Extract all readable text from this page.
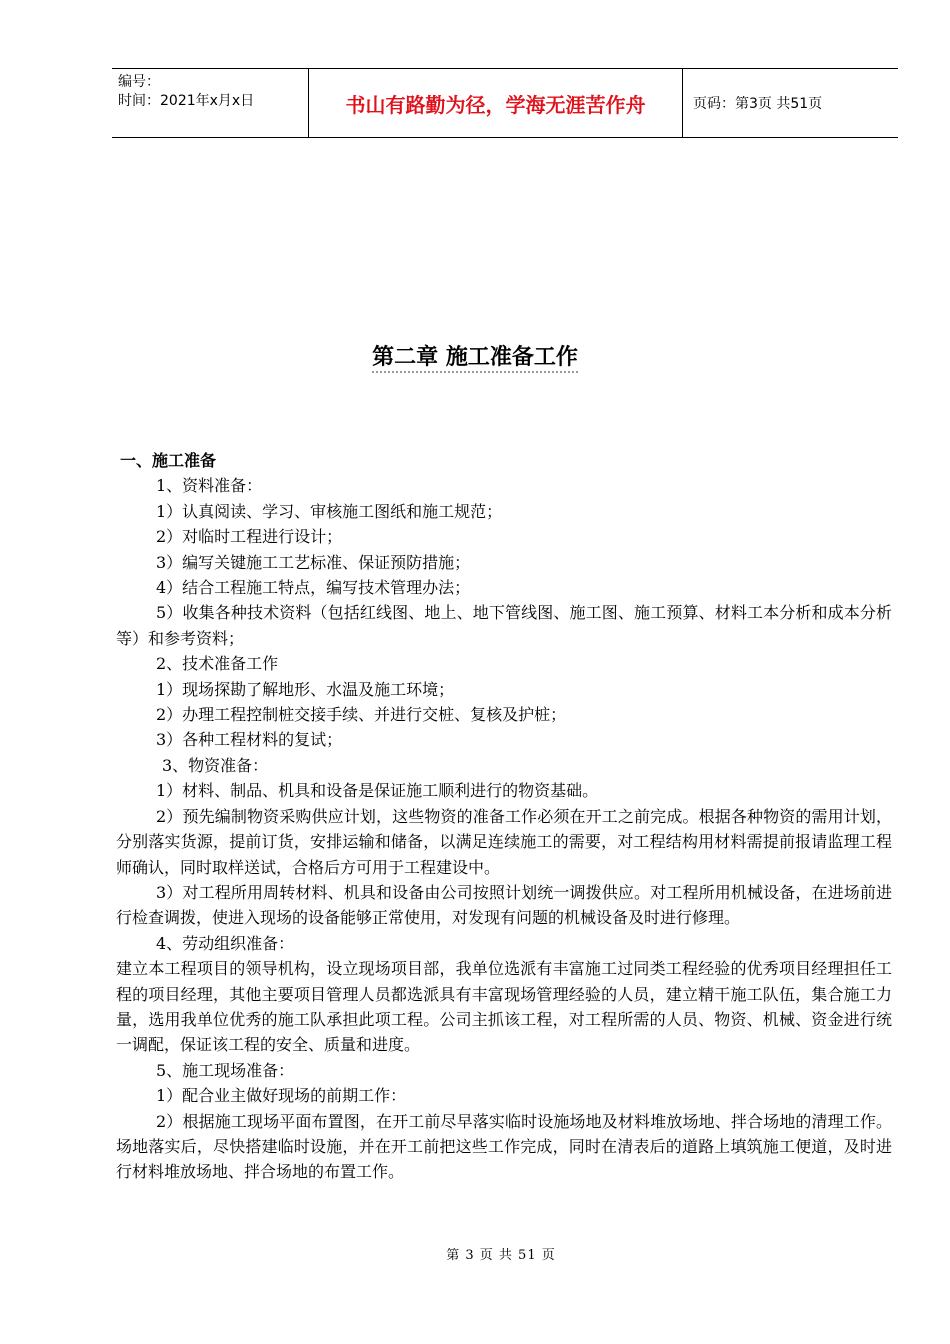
编号：
时间：2021年x月x日	书山有路勤为径，学海无涯苦作舟	页码：第3页 共51页
第二章 施工准备工作

一、施工准备

1、资料准备：

1）认真阅读、学习、审核施工图纸和施工规范；

2）对临时工程进行设计；

3）编写关键施工工艺标准、保证预防措施；

4）结合工程施工特点，编写技术管理办法；

5）收集各种技术资料（包括红线图、地上、地下管线图、施工图、施工预算、材料工本分析和成本分析等）和参考资料；

2、技术准备工作

1）现场探勘了解地形、水温及施工环境；

2）办理工程控制桩交接手续、并进行交桩、复核及护桩；

3）各种工程材料的复试；

3、物资准备：

1）材料、制品、机具和设备是保证施工顺利进行的物资基础。

2）预先编制物资采购供应计划，这些物资的准备工作必须在开工之前完成。根据各种物资的需用计划，分别落实货源，提前订货，安排运输和储备，以满足连续施工的需要，对工程结构用材料需提前报请监理工程师确认，同时取样送试，合格后方可用于工程建设中。

3）对工程所用周转材料、机具和设备由公司按照计划统一调拨供应。对工程所用机械设备，在进场前进行检查调拨，使进入现场的设备能够正常使用，对发现有问题的机械设备及时进行修理。

4、劳动组织准备：

建立本工程项目的领导机构，设立现场项目部，我单位选派有丰富施工过同类工程经验的优秀项目经理担任工程的项目经理，其他主要项目管理人员都选派具有丰富现场管理经验的人员，建立精干施工队伍，集合施工力量，选用我单位优秀的施工队承担此项工程。公司主抓该工程，对工程所需的人员、物资、机械、资金进行统一调配，保证该工程的安全、质量和进度。

5、施工现场准备：

1）配合业主做好现场的前期工作：

2）根据施工现场平面布置图，在开工前尽早落实临时设施场地及材料堆放场地、拌合场地的清理工作。场地落实后，尽快搭建临时设施，并在开工前把这些工作完成，同时在清表后的道路上填筑施工便道，及时进行材料堆放场地、拌合场地的布置工作。

第 3 页 共 51 页
